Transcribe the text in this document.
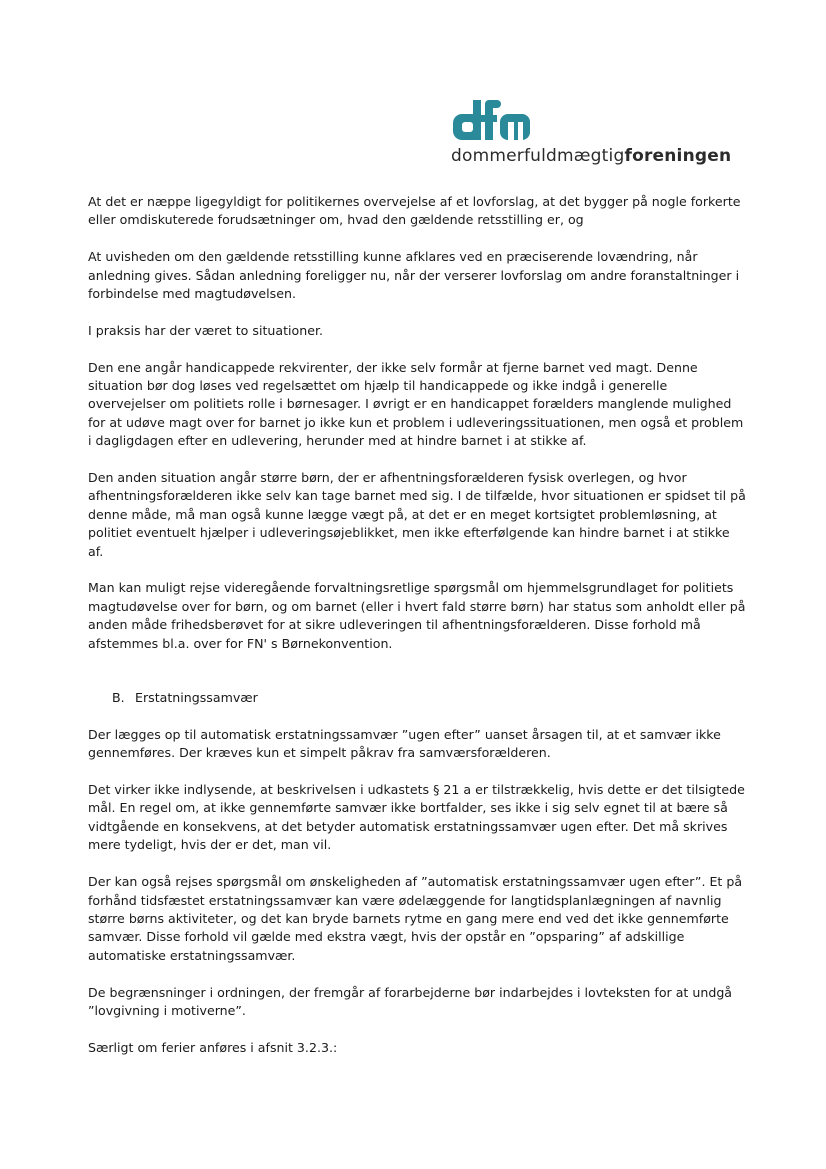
dommerfuldmægtigforeningen

At det er næppe ligegyldigt for politikernes overvejelse af et lovforslag, at det bygger på nogle forkerte eller omdiskuterede forudsætninger om, hvad den gældende retsstilling er, og

At uvisheden om den gældende retsstilling kunne afklares ved en præciserende lovændring, når anledning gives. Sådan anledning foreligger nu, når der verserer lovforslag om andre foranstaltninger i forbindelse med magtudøvelsen.

I praksis har der været to situationer.

Den ene angår handicappede rekvirenter, der ikke selv formår at fjerne barnet ved magt. Denne situation bør dog løses ved regelsættet om hjælp til handicappede og ikke indgå i generelle overvejelser om politiets rolle i børnesager. I øvrigt er en handicappet forælders manglende mulighed for at udøve magt over for barnet jo ikke kun et problem i udleveringssituationen, men også et problem i dagligdagen efter en udlevering, herunder med at hindre barnet i at stikke af.

Den anden situation angår større børn, der er afhentningsforælderen fysisk overlegen, og hvor afhentningsforælderen ikke selv kan tage barnet med sig. I de tilfælde, hvor situationen er spidset til på denne måde, må man også kunne lægge vægt på, at det er en meget kortsigtet problemløsning, at politiet eventuelt hjælper i udleveringsøjeblikket, men ikke efterfølgende kan hindre barnet i at stikke af.

Man kan muligt rejse videregående forvaltningsretlige spørgsmål om hjemmelsgrundlaget for politiets magtudøvelse over for børn, og om barnet (eller i hvert fald større børn) har status som anholdt eller på anden måde frihedsberøvet for at sikre udleveringen til afhentningsforælderen. Disse forhold må afstemmes bl.a. over for FN' s Børnekonvention.

B. Erstatningssamvær

Der lægges op til automatisk erstatningssamvær ”ugen efter” uanset årsagen til, at et samvær ikke gennemføres. Der kræves kun et simpelt påkrav fra samværsforælderen.

Det virker ikke indlysende, at beskrivelsen i udkastets § 21 a er tilstrækkelig, hvis dette er det tilsigtede mål. En regel om, at ikke gennemførte samvær ikke bortfalder, ses ikke i sig selv egnet til at bære så vidtgående en konsekvens, at det betyder automatisk erstatningssamvær ugen efter. Det må skrives mere tydeligt, hvis der er det, man vil.

Der kan også rejses spørgsmål om ønskeligheden af ”automatisk erstatningssamvær ugen efter”. Et på forhånd tidsfæstet erstatningssamvær kan være ødelæggende for langtidsplanlægningen af navnlig større børns aktiviteter, og det kan bryde barnets rytme en gang mere end ved det ikke gennemførte samvær. Disse forhold vil gælde med ekstra vægt, hvis der opstår en ”opsparing” af adskillige automatiske erstatningssamvær.

De begrænsninger i ordningen, der fremgår af forarbejderne bør indarbejdes i lovteksten for at undgå ”lovgivning i motiverne”.

Særligt om ferier anføres i afsnit 3.2.3.:
